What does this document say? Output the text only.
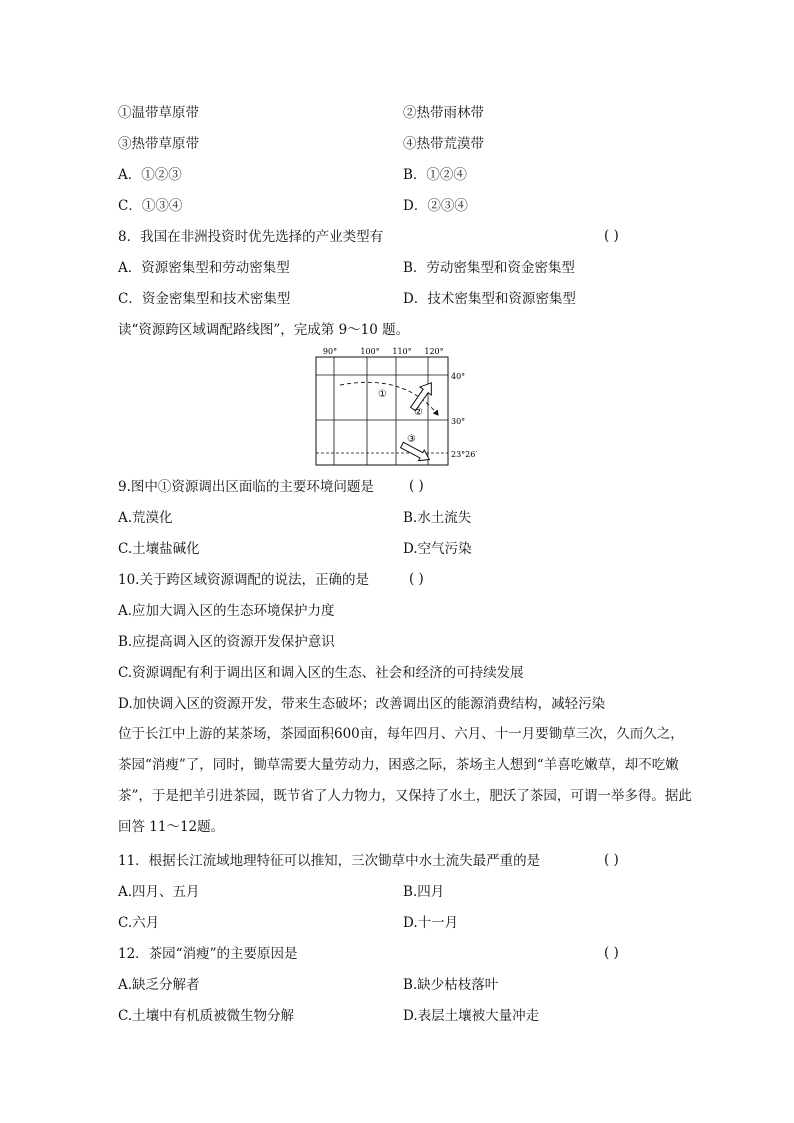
①温带草原带	②热带雨林带
③热带草原带	④热带荒漠带
A．①②③	B．①②④
C．①③④	D．②③④
8．我国在非洲投资时优先选择的产业类型有	( )
A．资源密集型和劳动密集型	B．劳动密集型和资金密集型
C．资金密集型和技术密集型	D．技术密集型和资源密集型
读“资源跨区域调配路线图”，完成第 9～10 题。
90°	100° 110° 120°
40°
30°
23°26′
①
②
③
9.图中①资源调出区面临的主要环境问题是	( )
A.荒漠化	B.水土流失
C.土壤盐碱化	D.空气污染
10.关于跨区域资源调配的说法，正确的是	( )
A.应加大调入区的生态环境保护力度
B.应提高调入区的资源开发保护意识
C.资源调配有利于调出区和调入区的生态、社会和经济的可持续发展
D.加快调入区的资源开发，带来生态破坏；改善调出区的能源消费结构，减轻污染
位于长江中上游的某茶场，茶园面积600亩，每年四月、六月、十一月要锄草三次，久而久之，茶园“消瘦”了，同时，锄草需要大量劳动力，困惑之际，茶场主人想到“羊喜吃嫩草，却不吃嫩茶”，于是把羊引进茶园，既节省了人力物力，又保持了水土，肥沃了茶园，可谓一举多得。据此回答 11～12题。
11．根据长江流域地理特征可以推知，三次锄草中水土流失最严重的是	( )
A.四月、五月	B.四月
C.六月	D.十一月
12．茶园“消瘦”的主要原因是	( )
A.缺乏分解者	B.缺少枯枝落叶
C.土壤中有机质被微生物分解	D.表层土壤被大量冲走
